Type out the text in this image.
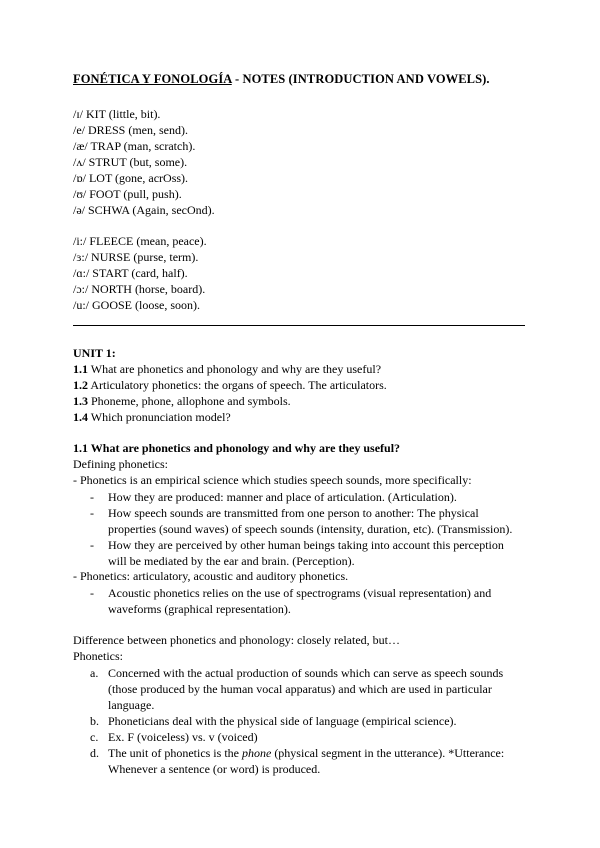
FONÉTICA Y FONOLOGÍA - NOTES (INTRODUCTION AND VOWELS).
/ɪ/ KIT (little, bit).
/e/ DRESS (men, send).
/æ/ TRAP (man, scratch).
/ʌ/ STRUT (but, some).
/ɒ/ LOT (gone, acrOss).
/ʊ/ FOOT (pull, push).
/ə/ SCHWA (Again, secOnd).
/i:/ FLEECE (mean, peace).
/ɜ:/ NURSE (purse, term).
/ɑ:/ START (card, half).
/ɔ:/ NORTH (horse, board).
/u:/ GOOSE (loose, soon).
UNIT 1:
1.1 What are phonetics and phonology and why are they useful?
1.2 Articulatory phonetics: the organs of speech. The articulators.
1.3 Phoneme, phone, allophone and symbols.
1.4 Which pronunciation model?
1.1 What are phonetics and phonology and why are they useful?
Defining phonetics:
- Phonetics is an empirical science which studies speech sounds, more specifically:
- How they are produced: manner and place of articulation. (Articulation).
- How speech sounds are transmitted from one person to another: The physical
properties (sound waves) of speech sounds (intensity, duration, etc). (Transmission).
- How they are perceived by other human beings taking into account this perception
will be mediated by the ear and brain. (Perception).
- Phonetics: articulatory, acoustic and auditory phonetics.
- Acoustic phonetics relies on the use of spectrograms (visual representation) and
waveforms (graphical representation).
Difference between phonetics and phonology: closely related, but…
Phonetics:
a. Concerned with the actual production of sounds which can serve as speech sounds
(those produced by the human vocal apparatus) and which are used in particular
language.
b. Phoneticians deal with the physical side of language (empirical science).
c. Ex. F (voiceless) vs. v (voiced)
d. The unit of phonetics is the phone (physical segment in the utterance). *Utterance:
Whenever a sentence (or word) is produced.
